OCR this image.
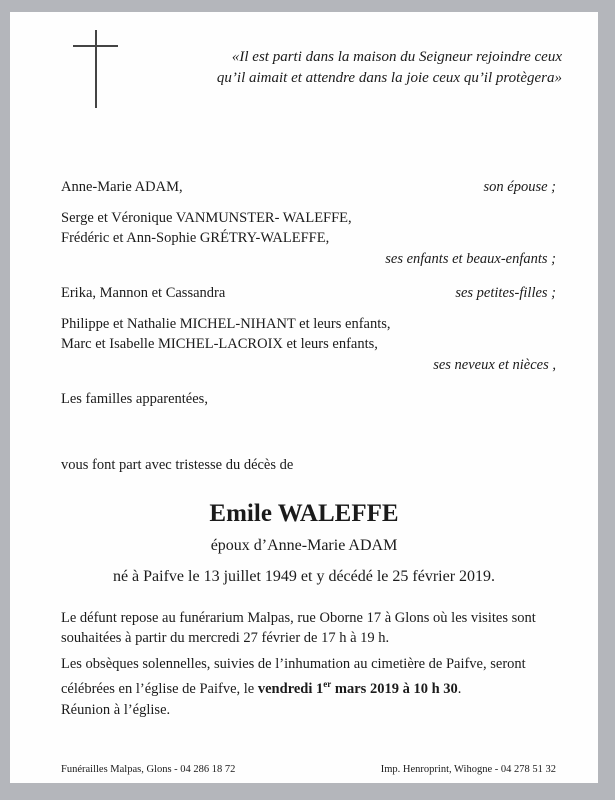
«Il est parti dans la maison du Seigneur rejoindre ceux
qu’il aimait et attendre dans la joie ceux qu’il protègera»
Anne-Marie ADAM,	son épouse ;
Serge et Véronique VANMUNSTER- WALEFFE,
Frédéric et Ann-Sophie GRÉTRY-WALEFFE,
ses enfants et beaux-enfants ;
Erika, Mannon et Cassandra	ses petites-filles ;
Philippe et Nathalie MICHEL-NIHANT et leurs enfants,
Marc et Isabelle MICHEL-LACROIX et leurs enfants,
ses neveux et nièces ,
Les familles apparentées,
vous font part avec tristesse du décès de
Emile WALEFFE
époux d’Anne-Marie ADAM
né à Paifve le 13 juillet 1949 et y décédé le 25 février 2019.
Le défunt repose au funérarium Malpas, rue Oborne 17 à Glons où les visites sont souhaitées à partir du mercredi 27 février de 17 h à 19 h.
Les obsèques solennelles, suivies de l’inhumation au cimetière de Paifve, seront célébrées en l’église de Paifve, le vendredi 1er mars 2019 à 10 h 30.
Réunion à l’église.
Funérailles Malpas, Glons - 04 286 18 72	Imp. Henroprint, Wihogne - 04 278 51 32
